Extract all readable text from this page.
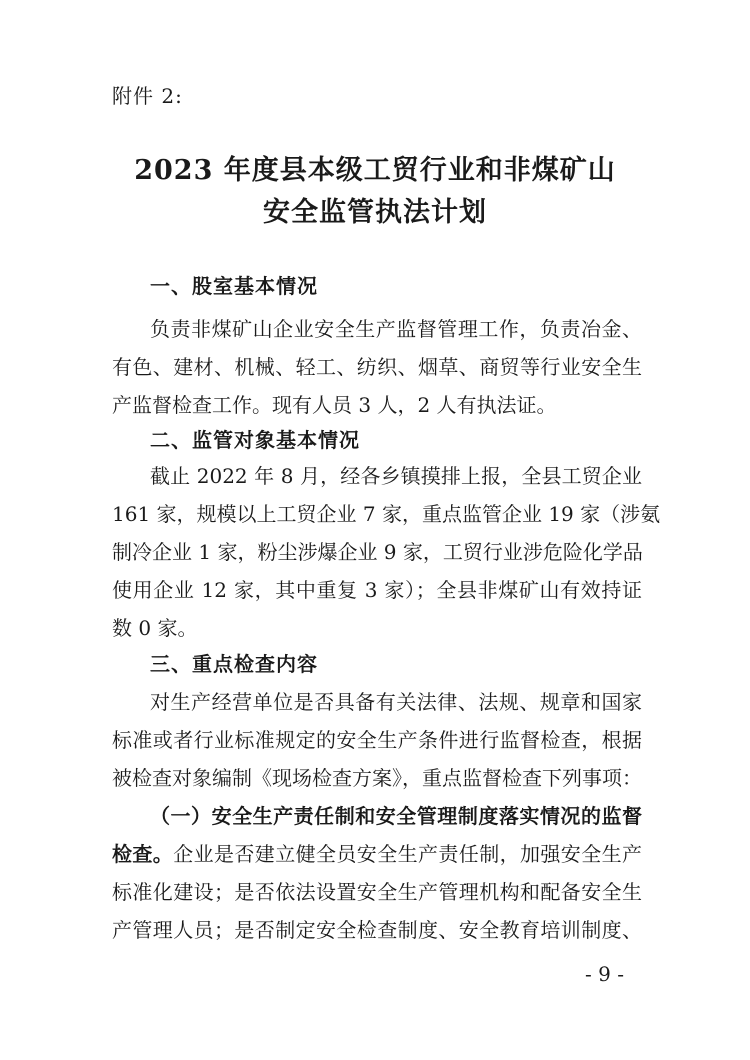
附件 2:
2023 年度县本级工贸行业和非煤矿山
安全监管执法计划
一、股室基本情况
负责非煤矿山企业安全生产监督管理工作，负责冶金、
有色、建材、机械、轻工、纺织、烟草、商贸等行业安全生
产监督检查工作。现有人员 3 人，2 人有执法证。
二、监管对象基本情况
截止 2022 年 8 月，经各乡镇摸排上报，全县工贸企业
161 家，规模以上工贸企业 7 家，重点监管企业 19 家（涉氨
制冷企业 1 家，粉尘涉爆企业 9 家，工贸行业涉危险化学品
使用企业 12 家，其中重复 3 家）；全县非煤矿山有效持证
数 0 家。
三、重点检查内容
对生产经营单位是否具备有关法律、法规、规章和国家
标准或者行业标准规定的安全生产条件进行监督检查，根据
被检查对象编制《现场检查方案》，重点监督检查下列事项：
（一）安全生产责任制和安全管理制度落实情况的监督
检查。企业是否建立健全员安全生产责任制，加强安全生产
标准化建设；是否依法设置安全生产管理机构和配备安全生
产管理人员；是否制定安全检查制度、安全教育培训制度、
- 9 -
